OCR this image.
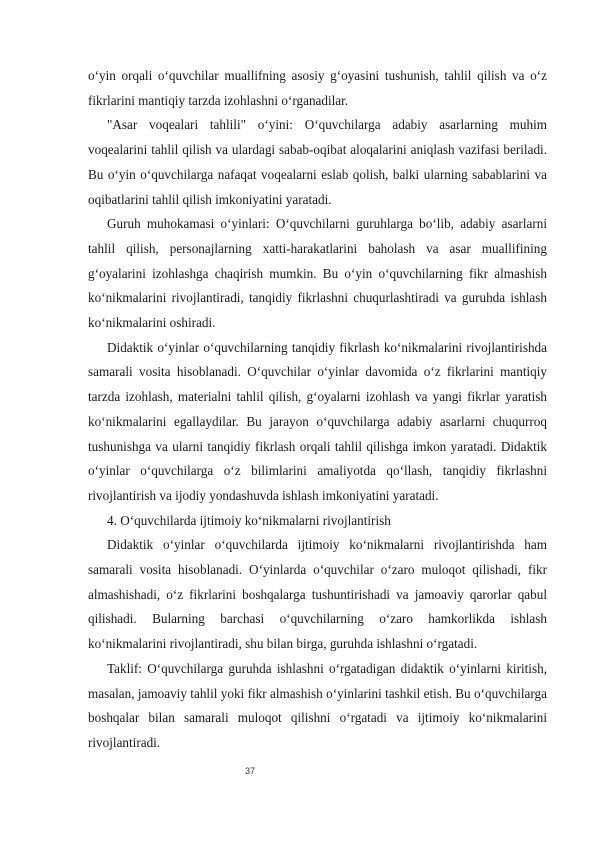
o‘yin orqali o‘quvchilar muallifning asosiy g‘oyasini tushunish, tahlil qilish va o‘z fikrlarini mantiqiy tarzda izohlashni o‘rganadilar.

"Asar voqealari tahlili" o‘yini: O‘quvchilarga adabiy asarlarning muhim voqealarini tahlil qilish va ulardagi sabab-oqibat aloqalarini aniqlash vazifasi beriladi. Bu o‘yin o‘quvchilarga nafaqat voqealarni eslab qolish, balki ularning sabablarini va oqibatlarini tahlil qilish imkoniyatini yaratadi.

Guruh muhokamasi o‘yinlari: O‘quvchilarni guruhlarga bo‘lib, adabiy asarlarni tahlil qilish, personajlarning xatti-harakatlarini baholash va asar muallifining g‘oyalarini izohlashga chaqirish mumkin. Bu o‘yin o‘quvchilarning fikr almashish ko‘nikmalarini rivojlantiradi, tanqidiy fikrlashni chuqurlashtiradi va guruhda ishlash ko‘nikmalarini oshiradi.

Didaktik o‘yinlar o‘quvchilarning tanqidiy fikrlash ko‘nikmalarini rivojlantirishda samarali vosita hisoblanadi. O‘quvchilar o‘yinlar davomida o‘z fikrlarini mantiqiy tarzda izohlash, materialni tahlil qilish, g‘oyalarni izohlash va yangi fikrlar yaratish ko‘nikmalarini egallaydilar. Bu jarayon o‘quvchilarga adabiy asarlarni chuqurroq tushunishga va ularni tanqidiy fikrlash orqali tahlil qilishga imkon yaratadi. Didaktik o‘yinlar o‘quvchilarga o‘z bilimlarini amaliyotda qo‘llash, tanqidiy fikrlashni rivojlantirish va ijodiy yondashuvda ishlash imkoniyatini yaratadi.

4. O‘quvchilarda ijtimoiy ko‘nikmalarni rivojlantirish

Didaktik o‘yinlar o‘quvchilarda ijtimoiy ko‘nikmalarni rivojlantirishda ham samarali vosita hisoblanadi. O‘yinlarda o‘quvchilar o‘zaro muloqot qilishadi, fikr almashishadi, o‘z fikrlarini boshqalarga tushuntirishadi va jamoaviy qarorlar qabul qilishadi. Bularning barchasi o‘quvchilarning o‘zaro hamkorlikda ishlash ko‘nikmalarini rivojlantiradi, shu bilan birga, guruhda ishlashni o‘rgatadi.

Taklif: O‘quvchilarga guruhda ishlashni o‘rgatadigan didaktik o‘yinlarni kiritish, masalan, jamoaviy tahlil yoki fikr almashish o‘yinlarini tashkil etish. Bu o‘quvchilarga boshqalar bilan samarali muloqot qilishni o‘rgatadi va ijtimoiy ko‘nikmalarini rivojlantiradi.

37
